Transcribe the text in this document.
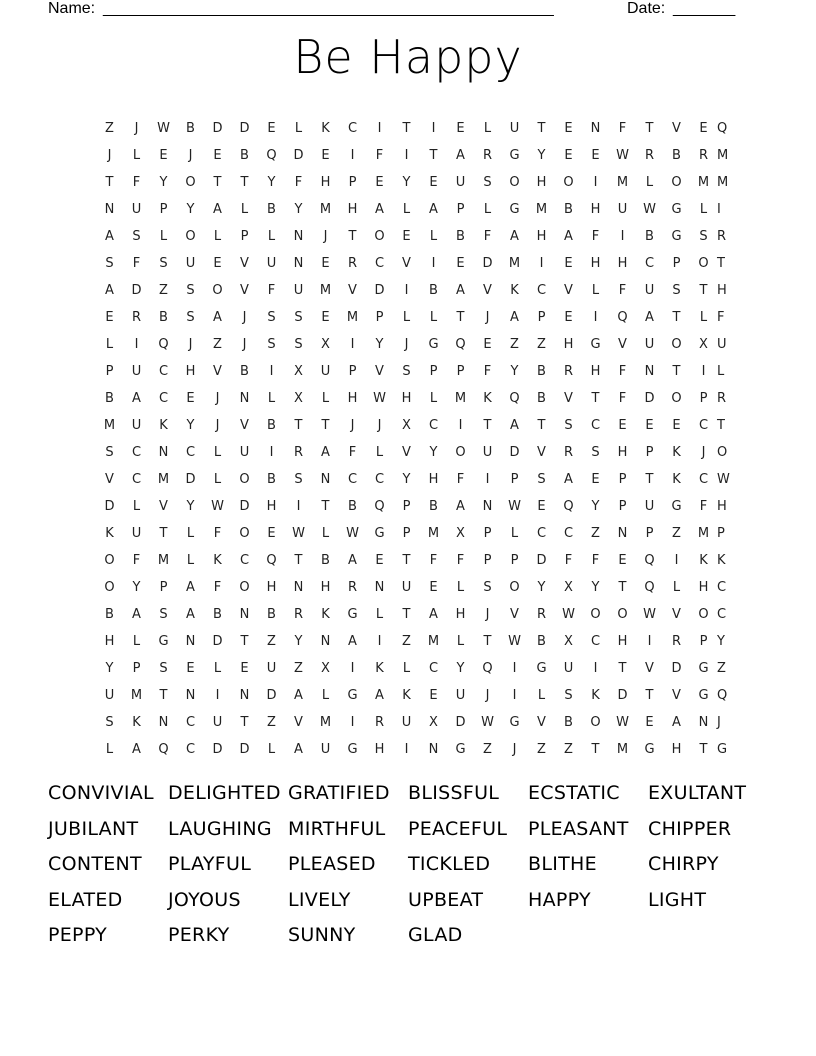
Name: _____________________________________________________	Date: _______
Be Happy
Z J W B D D E L K C I T I E L U T E N F T V E Q
J L E J E B Q D E I F I T A R G Y E E W R B R M
T F Y O T T Y F H P E Y E U S O H O I M L O M M
N U P Y A L B Y M H A L A P L G M B H U W G L I
A S L O L P L N J T O E L B F A H A F I B G S R
S F S U E V U N E R C V I E D M I E H H C P O T
A D Z S O V F U M V D I B A V K C V L F U S T H
E R B S A J S S E M P L L T J A P E I Q A T L F
L I Q J Z J S S X I Y J G Q E Z Z H G V U O X U
P U C H V B I X U P V S P P F Y B R H F N T I L
B A C E J N L X L H W H L M K Q B V T F D O P R
M U K Y J V B T T J J X C I T A T S C E E E C T
S C N C L U I R A F L V Y O U D V R S H P K J O
V C M D L O B S N C C Y H F I P S A E P T K C W
D L V Y W D H I T B Q P B A N W E Q Y P U G F H
K U T L F O E W L W G P M X P L C C Z N P Z M P
O F M L K C Q T B A E T F F P P D F F E Q I K K
O Y P A F O H N H R N U E L S O Y X Y T Q L H C
B A S A B N B R K G L T A H J V R W O O W V O C
H L G N D T Z Y N A I Z M L T W B X C H I R P Y
Y P S E L E U Z X I K L C Y Q I G U I T V D G Z
U M T N I N D A L G A K E U J I L S K D T V G Q
S K N C U T Z V M I R U X D W G V B O W E A N J
L A Q C D D L A U G H I N G Z J Z Z T M G H T G
CONVIVIAL DELIGHTED GRATIFIED BLISSFUL ECSTATIC EXULTANT
JUBILANT LAUGHING MIRTHFUL PEACEFUL PLEASANT CHIPPER
CONTENT PLAYFUL PLEASED TICKLED BLITHE	CHIRPY
ELATED JOYOUS LIVELY	UPBEAT HAPPY	LIGHT
PEPPY	PERKY	SUNNY	GLAD
